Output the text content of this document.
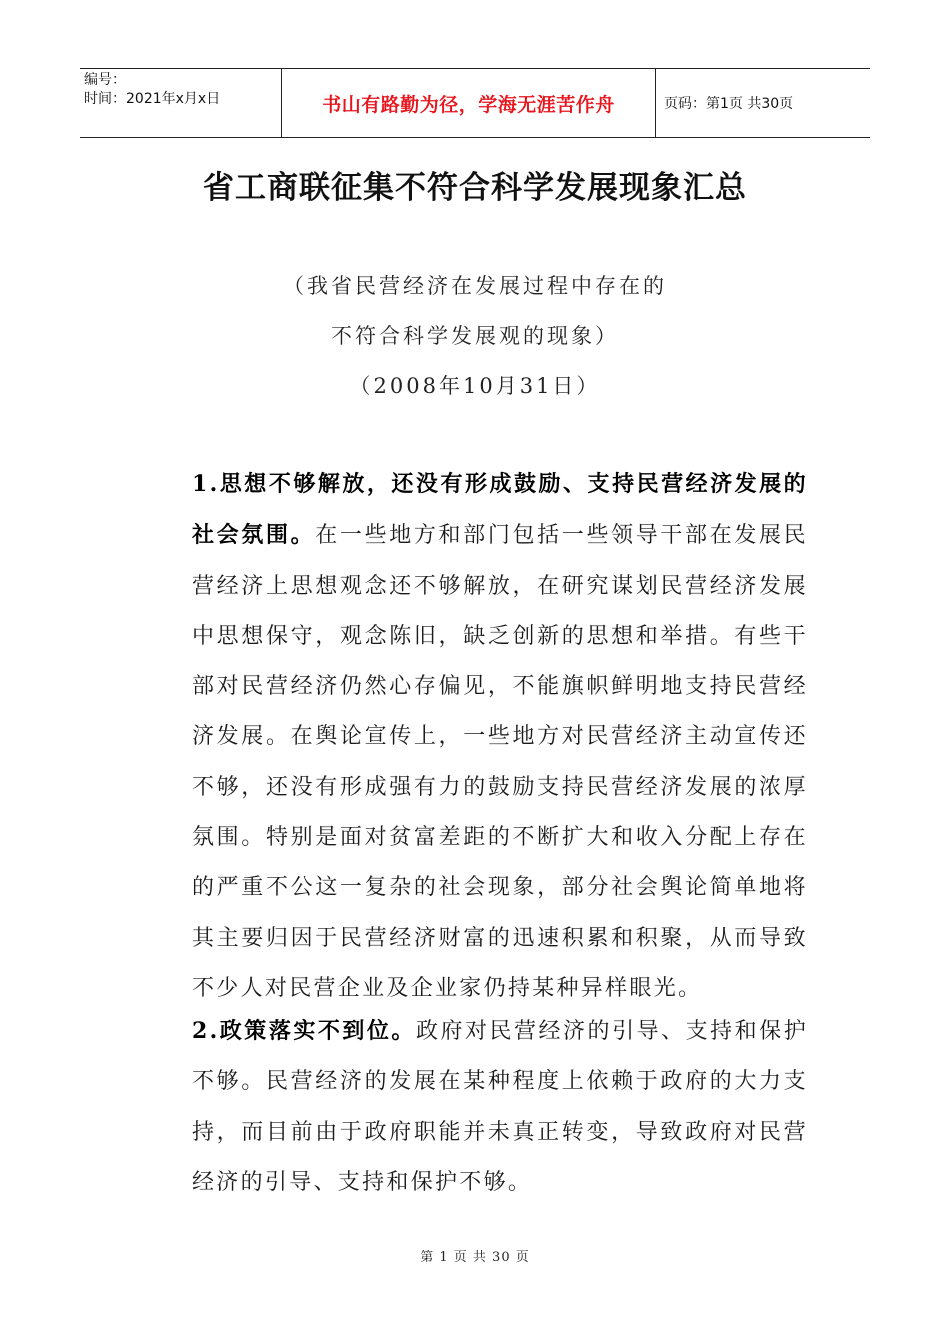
编号：
时间：2021年x月x日	书山有路勤为径，学海无涯苦作舟	页码：第1页 共30页
省工商联征集不符合科学发展现象汇总
（我省民营经济在发展过程中存在的
不符合科学发展观的现象）
（2008年10月31日）
1.思想不够解放，还没有形成鼓励、支持民营经济发展的社会氛围。在一些地方和部门包括一些领导干部在发展民营经济上思想观念还不够解放，在研究谋划民营经济发展中思想保守，观念陈旧，缺乏创新的思想和举措。有些干部对民营经济仍然心存偏见，不能旗帜鲜明地支持民营经济发展。在舆论宣传上，一些地方对民营经济主动宣传还不够，还没有形成强有力的鼓励支持民营经济发展的浓厚氛围。特别是面对贫富差距的不断扩大和收入分配上存在的严重不公这一复杂的社会现象，部分社会舆论简单地将其主要归因于民营经济财富的迅速积累和积聚，从而导致不少人对民营企业及企业家仍持某种异样眼光。
2.政策落实不到位。政府对民营经济的引导、支持和保护不够。民营经济的发展在某种程度上依赖于政府的大力支持，而目前由于政府职能并未真正转变，导致政府对民营经济的引导、支持和保护不够。
第 1 页 共 30 页
